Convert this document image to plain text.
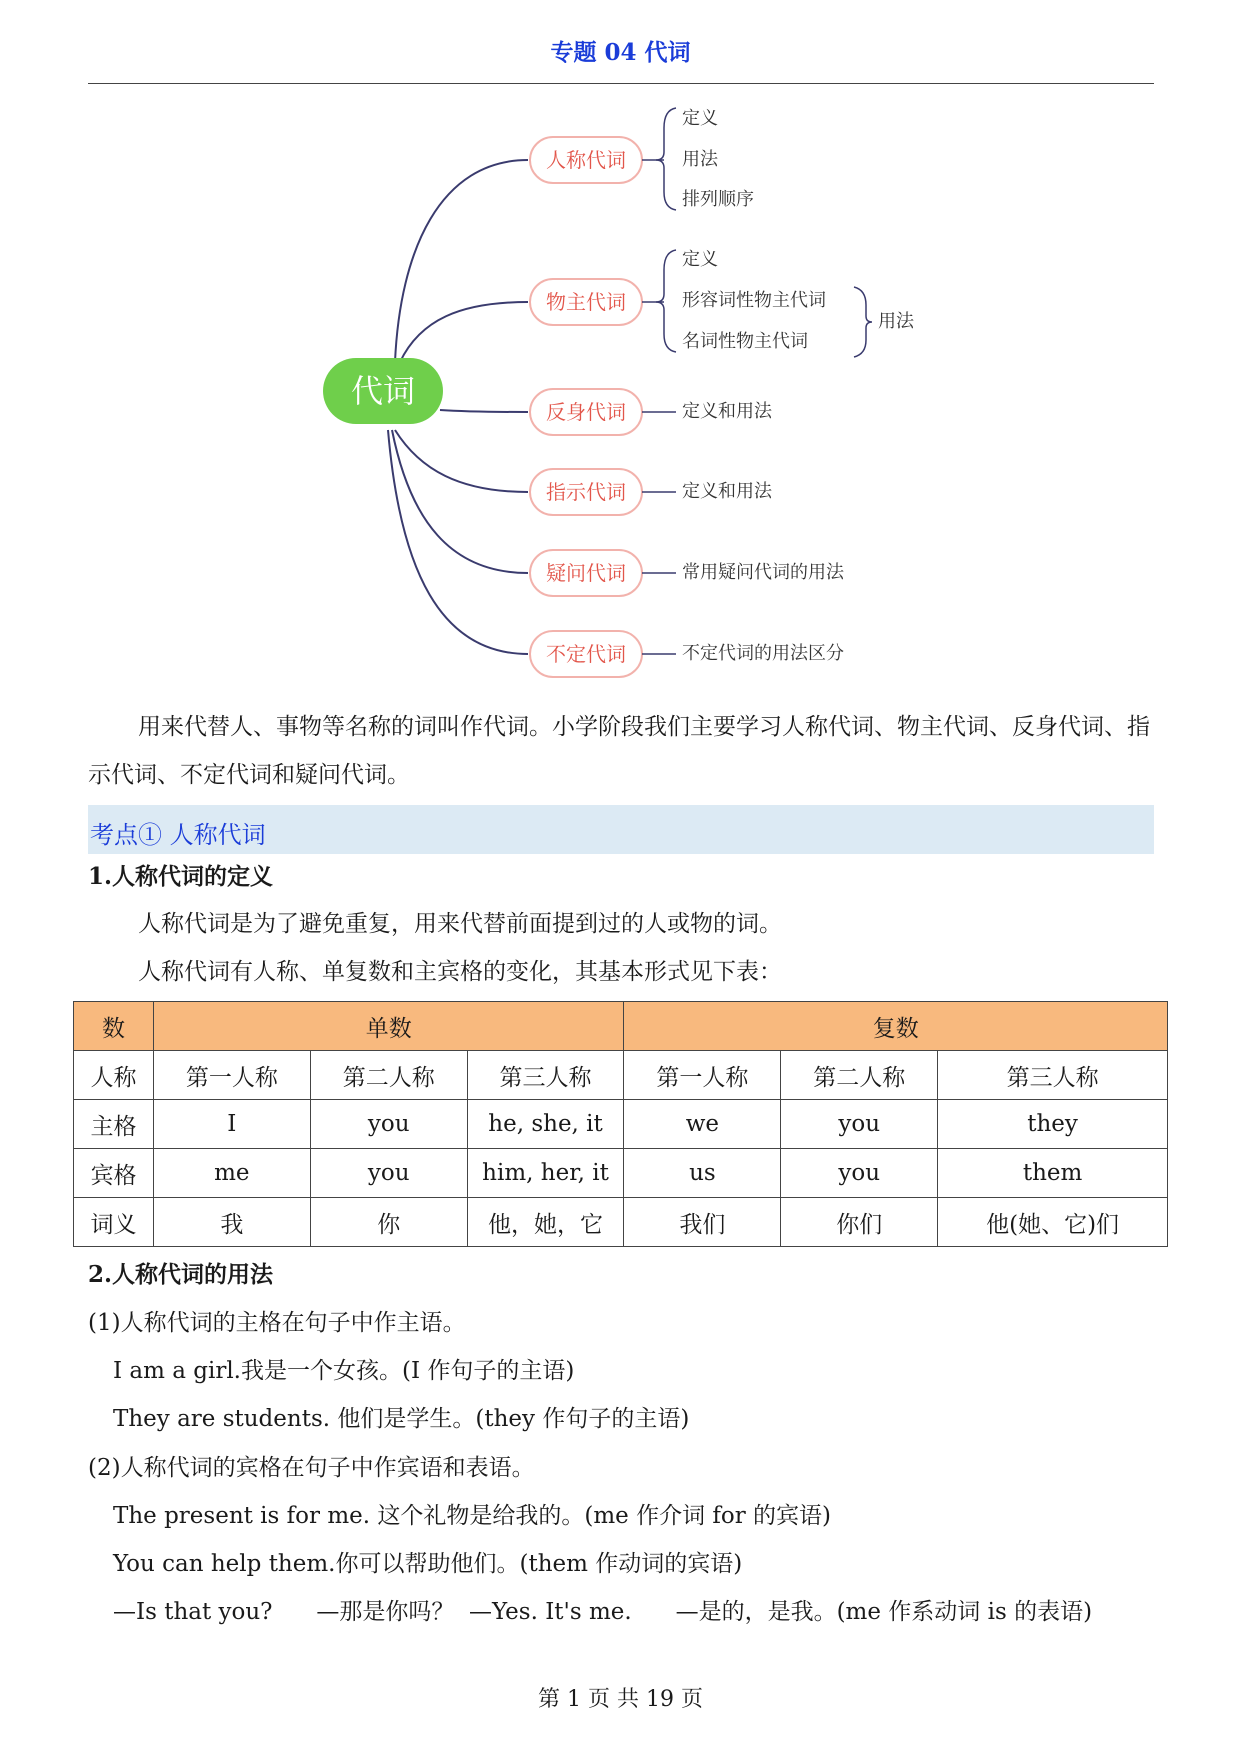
专题 04 代词
代词
人称代词
定义
用法
排列顺序
物主代词
定义
形容词性物主代词
名词性物主代词
用法
反身代词	定义和用法
指示代词	定义和用法
疑问代词	常用疑问代词的用法
不定代词	不定代词的用法区分
用来代替人、事物等名称的词叫作代词。小学阶段我们主要学习人称代词、物主代词、反身代词、指示代词、不定代词和疑问代词。
考点① 人称代词
1.人称代词的定义
人称代词是为了避免重复，用来代替前面提到过的人或物的词。
人称代词有人称、单复数和主宾格的变化，其基本形式见下表：
数	单数			复数		
人称	第一人称	第二人称	第三人称	第一人称	第二人称	第三人称
主格	I	you	he, she, it	we	you	they
宾格	me	you	him, her, it	us	you	them
词义	我	你	他，她，它	我们	你们	他(她、它)们
2.人称代词的用法
(1)人称代词的主格在句子中作主语。
I am a girl.我是一个女孩。(I 作句子的主语)
They are students. 他们是学生。(they 作句子的主语)
(2)人称代词的宾格在句子中作宾语和表语。
The present is for me. 这个礼物是给我的。(me 作介词 for 的宾语)
You can help them.你可以帮助他们。(them 作动词的宾语)
—Is that you?      —那是你吗？  —Yes. It's me.      —是的，是我。(me 作系动词 is 的表语)
第 1 页 共 19 页
